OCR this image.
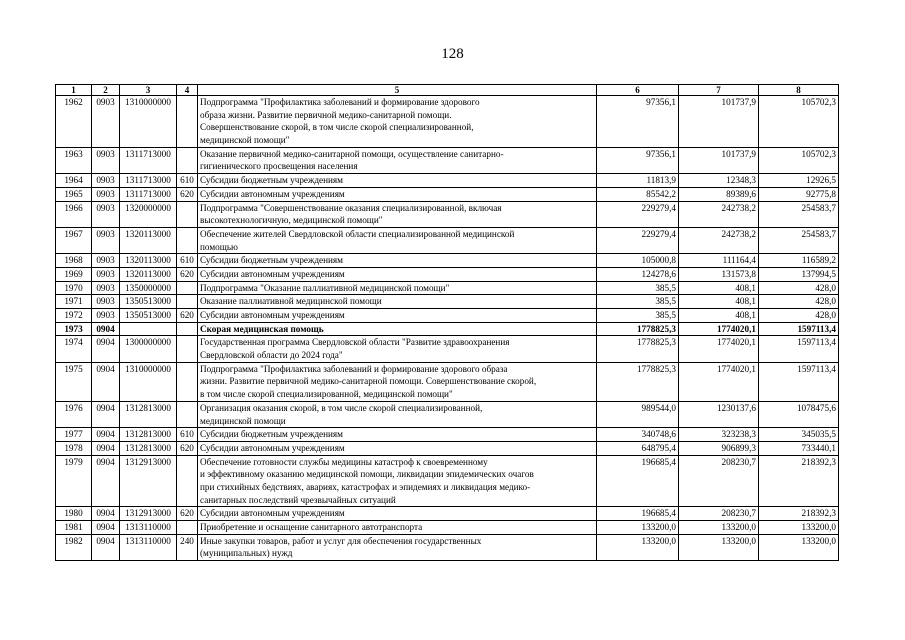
128
1	2	3	4	5	6	7	8
1962	0903	1310000000		Подпрограмма "Профилактика заболеваний и формирование здорового
образа жизни. Развитие первичной медико-санитарной помощи.
Совершенствование скорой, в том числе скорой специализированной,
медицинской помощи"	97356,1	101737,9	105702,3
1963	0903	1311713000		Оказание первичной медико-санитарной помощи, осуществление санитарно-
гигиенического просвещения населения	97356,1	101737,9	105702,3
1964	0903	1311713000	610	Субсидии бюджетным учреждениям	11813,9	12348,3	12926,5
1965	0903	1311713000	620	Субсидии автономным учреждениям	85542,2	89389,6	92775,8
1966	0903	1320000000		Подпрограмма "Совершенствование оказания специализированной, включая
высокотехнологичную, медицинской помощи"	229279,4	242738,2	254583,7
1967	0903	1320113000		Обеспечение жителей Свердловской области специализированной медицинской
помощью	229279,4	242738,2	254583,7
1968	0903	1320113000	610	Субсидии бюджетным учреждениям	105000,8	111164,4	116589,2
1969	0903	1320113000	620	Субсидии автономным учреждениям	124278,6	131573,8	137994,5
1970	0903	1350000000		Подпрограмма "Оказание паллиативной медицинской помощи"	385,5	408,1	428,0
1971	0903	1350513000		Оказание паллиативной медицинской помощи	385,5	408,1	428,0
1972	0903	1350513000	620	Субсидии автономным учреждениям	385,5	408,1	428,0
1973	0904			Скорая медицинская помощь	1778825,3	1774020,1	1597113,4
1974	0904	1300000000		Государственная программа Свердловской области "Развитие здравоохранения
Свердловской области до 2024 года"	1778825,3	1774020,1	1597113,4
1975	0904	1310000000		Подпрограмма "Профилактика заболеваний и формирование здорового образа
жизни. Развитие первичной медико-санитарной помощи. Совершенствование скорой,
в том числе скорой специализированной, медицинской помощи"	1778825,3	1774020,1	1597113,4
1976	0904	1312813000		Организация оказания скорой, в том числе скорой специализированной,
медицинской помощи	989544,0	1230137,6	1078475,6
1977	0904	1312813000	610	Субсидии бюджетным учреждениям	340748,6	323238,3	345035,5
1978	0904	1312813000	620	Субсидии автономным учреждениям	648795,4	906899,3	733440,1
1979	0904	1312913000		Обеспечение готовности службы медицины катастроф к своевременному
и эффективному оказанию медицинской помощи, ликвидации эпидемических очагов
при стихийных бедствиях, авариях, катастрофах и эпидемиях и ликвидация медико-
санитарных последствий чрезвычайных ситуаций	196685,4	208230,7	218392,3
1980	0904	1312913000	620	Субсидии автономным учреждениям	196685,4	208230,7	218392,3
1981	0904	1313110000		Приобретение и оснащение санитарного автотранспорта	133200,0	133200,0	133200,0
1982	0904	1313110000	240	Иные закупки товаров, работ и услуг для обеспечения государственных
(муниципальных) нужд	133200,0	133200,0	133200,0
